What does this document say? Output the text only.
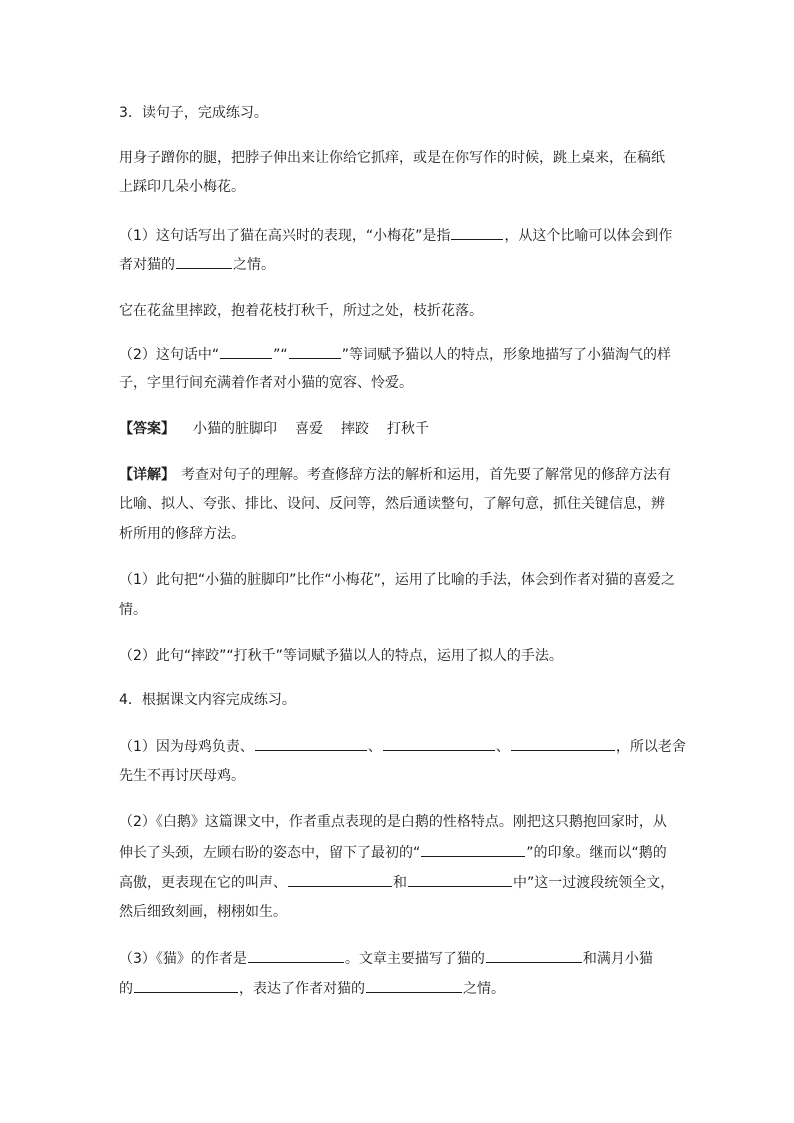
3．读句子，完成练习。
用身子蹭你的腿，把脖子伸出来让你给它抓痒，或是在你写作的时候，跳上桌来，在稿纸
上踩印几朵小梅花。
（1）这句话写出了猫在高兴时的表现，“小梅花”是指	，从这个比喻可以体会到作
者对猫的	之情。
它在花盆里摔跤，抱着花枝打秋千，所过之处，枝折花落。
（2）这句话中“	”“	”等词赋予猫以人的特点，形象地描写了小猫淘气的样
子，字里行间充满着作者对小猫的宽容、怜爱。
【答案】 小猫的脏脚印 喜爱 摔跤 打秋千
【详解】 考查对句子的理解。考查修辞方法的解析和运用，首先要了解常见的修辞方法有
比喻、拟人、夸张、排比、设问、反问等，然后通读整句，了解句意，抓住关键信息，辨
析所用的修辞方法。
（1）此句把“小猫的脏脚印”比作“小梅花”，运用了比喻的手法，体会到作者对猫的喜爱之
情。
（2）此句“摔跤”“打秋千”等词赋予猫以人的特点，运用了拟人的手法。
4．根据课文内容完成练习。
（1）因为母鸡负责、	、	、	，所以老舍
先生不再讨厌母鸡。
（2）《白鹅》这篇课文中，作者重点表现的是白鹅的性格特点。刚把这只鹅抱回家时，从
伸长了头颈，左顾右盼的姿态中，留下了最初的“	”的印象。继而以“鹅的
高傲，更表现在它的叫声、	和	中”这一过渡段统领全文，
然后细致刻画，栩栩如生。
（3）《猫》的作者是	。文章主要描写了猫的	和满月小猫
的	，表达了作者对猫的	之情。
